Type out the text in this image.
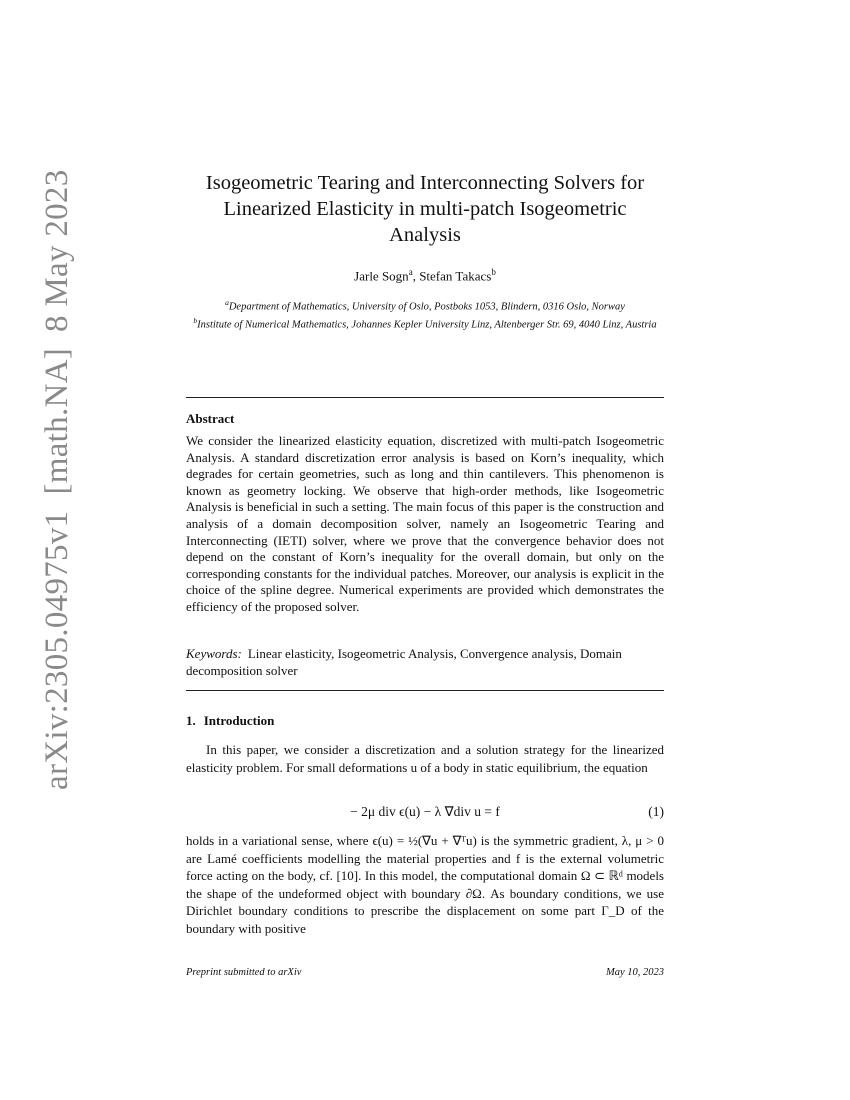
arXiv:2305.04975v1[math.NA]8 May 2023	Isogeometric Tearing and Interconnecting Solvers for Linearized Elasticity in multi-patch Isogeometric Analysis
Jarle Sogn$^a$, Stefan Takacs$^b$
$^a$Department of Mathematics, University of Oslo, Postboks 1053, Blindern, 0316 Oslo, Norway
$^b$Institute of Numerical Mathematics, Johannes Kepler University Linz, Altenberger Str. 69, 4040 Linz, Austria
Abstract

We consider the linearized elasticity equation, discretized with multi-patch Isogeometric Analysis. A standard discretization error analysis is based on Korn’s inequality, which degrades for certain geometries, such as long and thin cantilevers. This phenomenon is known as geometry locking. We observe that high-order methods, like Isogeometric Analysis is beneficial in such a setting. The main focus of this paper is the construction and analysis of a domain decomposition solver, namely an Isogeometric Tearing and Interconnecting (IETI) solver, where we prove that the convergence behavior does not depend on the constant of Korn’s inequality for the overall domain, but only on the corresponding constants for the individual patches. Moreover, our analysis is explicit in the choice of the spline degree. Numerical experiments are provided which demonstrates the efficiency of the proposed solver.

Keywords: Linear elasticity, Isogeometric Analysis, Convergence analysis, Domain decomposition solver

1. Introduction

In this paper, we consider a discretization and a solution strategy for the linearized elasticity problem. For small deformations u of a body in static equilibrium, the equation

− 2μ div ϵ(u) − λ ∇div u = f	(1)

holds in a variational sense, where ϵ(u) = ½(∇u + ∇ᵀu) is the symmetric gradient, λ, μ > 0 are Lamé coefficients modelling the material properties and f is the external volumetric force acting on the body, cf. [10]. In this model, the computational domain Ω ⊂ ℝᵈ models the shape of the undeformed object with boundary ∂Ω. As boundary conditions, we use Dirichlet boundary conditions to prescribe the displacement on some part Γ_D of the boundary with positive

Preprint submitted to arXiv	May 10, 2023
